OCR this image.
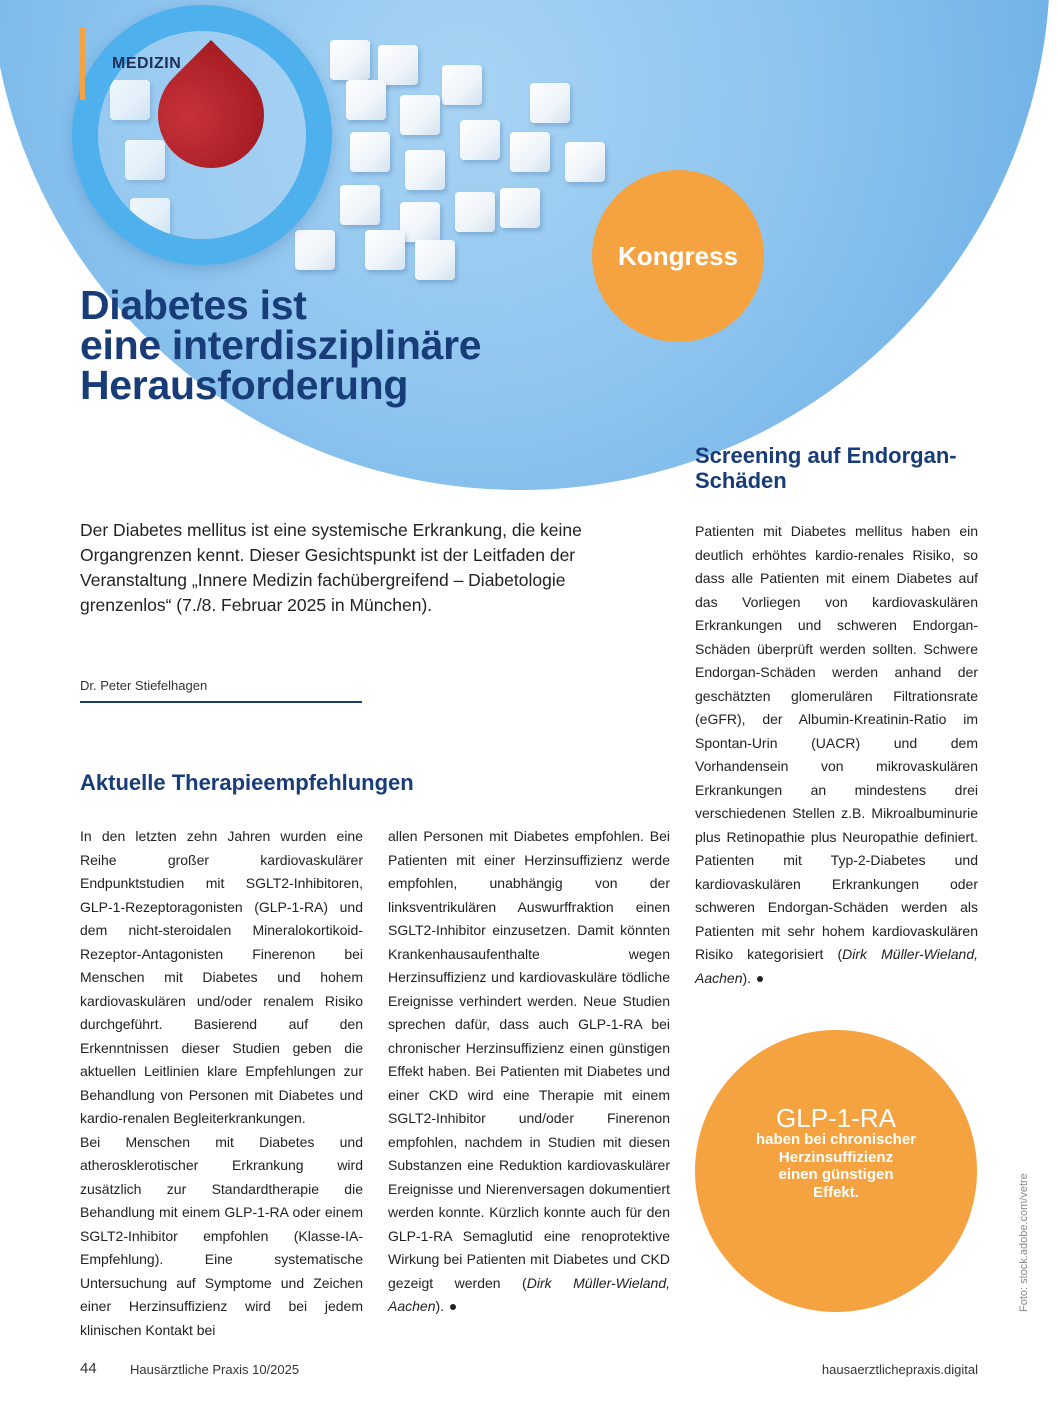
MEDIZIN
Kongress
Diabetes ist
eine interdisziplinäre
Herausforderung

Der Diabetes mellitus ist eine systemische Erkrankung, die keine Organgrenzen kennt. Dieser Gesichtspunkt ist der Leitfaden der Veranstaltung „Innere Medizin fachübergreifend – Diabetologie grenzenlos“ (7./8. Februar 2025 in München).

Dr. Peter Stiefelhagen
Aktuelle Therapieempfehlungen

In den letzten zehn Jahren wurden eine Reihe großer kardiovaskulärer Endpunktstudien mit SGLT2-Inhibitoren, GLP-1-Rezeptoragonisten (GLP-1-RA) und dem nicht-steroidalen Mineralokortikoid-Rezeptor-Antagonisten Finerenon bei Menschen mit Diabetes und hohem kardiovaskulären und/oder renalem Risiko durchgeführt. Basierend auf den Erkenntnissen dieser Studien geben die aktuellen Leitlinien klare Empfehlungen zur Behandlung von Personen mit Diabetes und kardio-renalen Begleiterkrankungen.

Bei Menschen mit Diabetes und atherosklerotischer Erkrankung wird zusätzlich zur Standardtherapie die Behandlung mit einem GLP-1-RA oder einem SGLT2-Inhibitor empfohlen (Klasse-IA-Empfehlung). Eine systematische Untersuchung auf Symptome und Zeichen einer Herzinsuffizienz wird bei jedem klinischen Kontakt bei

allen Personen mit Diabetes empfohlen. Bei Patienten mit einer Herzinsuffizienz werde empfohlen, unabhängig von der linksventrikulären Auswurffraktion einen SGLT2-Inhibitor einzusetzen. Damit könnten Krankenhausaufenthalte wegen Herzinsuffizienz und kardiovaskuläre tödliche Ereignisse verhindert werden. Neue Studien sprechen dafür, dass auch GLP-1-RA bei chronischer Herzinsuffizienz einen günstigen Effekt haben. Bei Patienten mit Diabetes und einer CKD wird eine Therapie mit einem SGLT2-Inhibitor und/oder Finerenon empfohlen, nachdem in Studien mit diesen Substanzen eine Reduktion kardiovaskulärer Ereignisse und Nierenversagen dokumentiert werden konnte. Kürzlich konnte auch für den GLP-1-RA Semaglutid eine renoprotektive Wirkung bei Patienten mit Diabetes und CKD gezeigt werden (Dirk Müller-Wieland, Aachen).

Screening auf Endorgan-Schäden

Patienten mit Diabetes mellitus haben ein deutlich erhöhtes kardio-renales Risiko, so dass alle Patienten mit einem Diabetes auf das Vorliegen von kardiovaskulären Erkrankungen und schweren Endorgan-Schäden überprüft werden sollten. Schwere Endorgan-Schäden werden anhand der geschätzten glomerulären Filtrationsrate (eGFR), der Albumin-Kreatinin-Ratio im Spontan-Urin (UACR) und dem Vorhandensein von mikrovaskulären Erkrankungen an mindestens drei verschiedenen Stellen z.B. Mikroalbuminurie plus Retinopathie plus Neuropathie definiert. Patienten mit Typ-2-Diabetes und kardiovaskulären Erkrankungen oder schweren Endorgan-Schäden werden als Patienten mit sehr hohem kardiovaskulären Risiko kategorisiert (Dirk Müller-Wieland, Aachen).

GLP-1-RA
haben bei chronischer
Herzinsuffizienz
einen günstigen
Effekt.	Foto: stock.adobe.com/vetre
44	Hausärztliche Praxis 10/2025	hausaerztlichepraxis.digital
